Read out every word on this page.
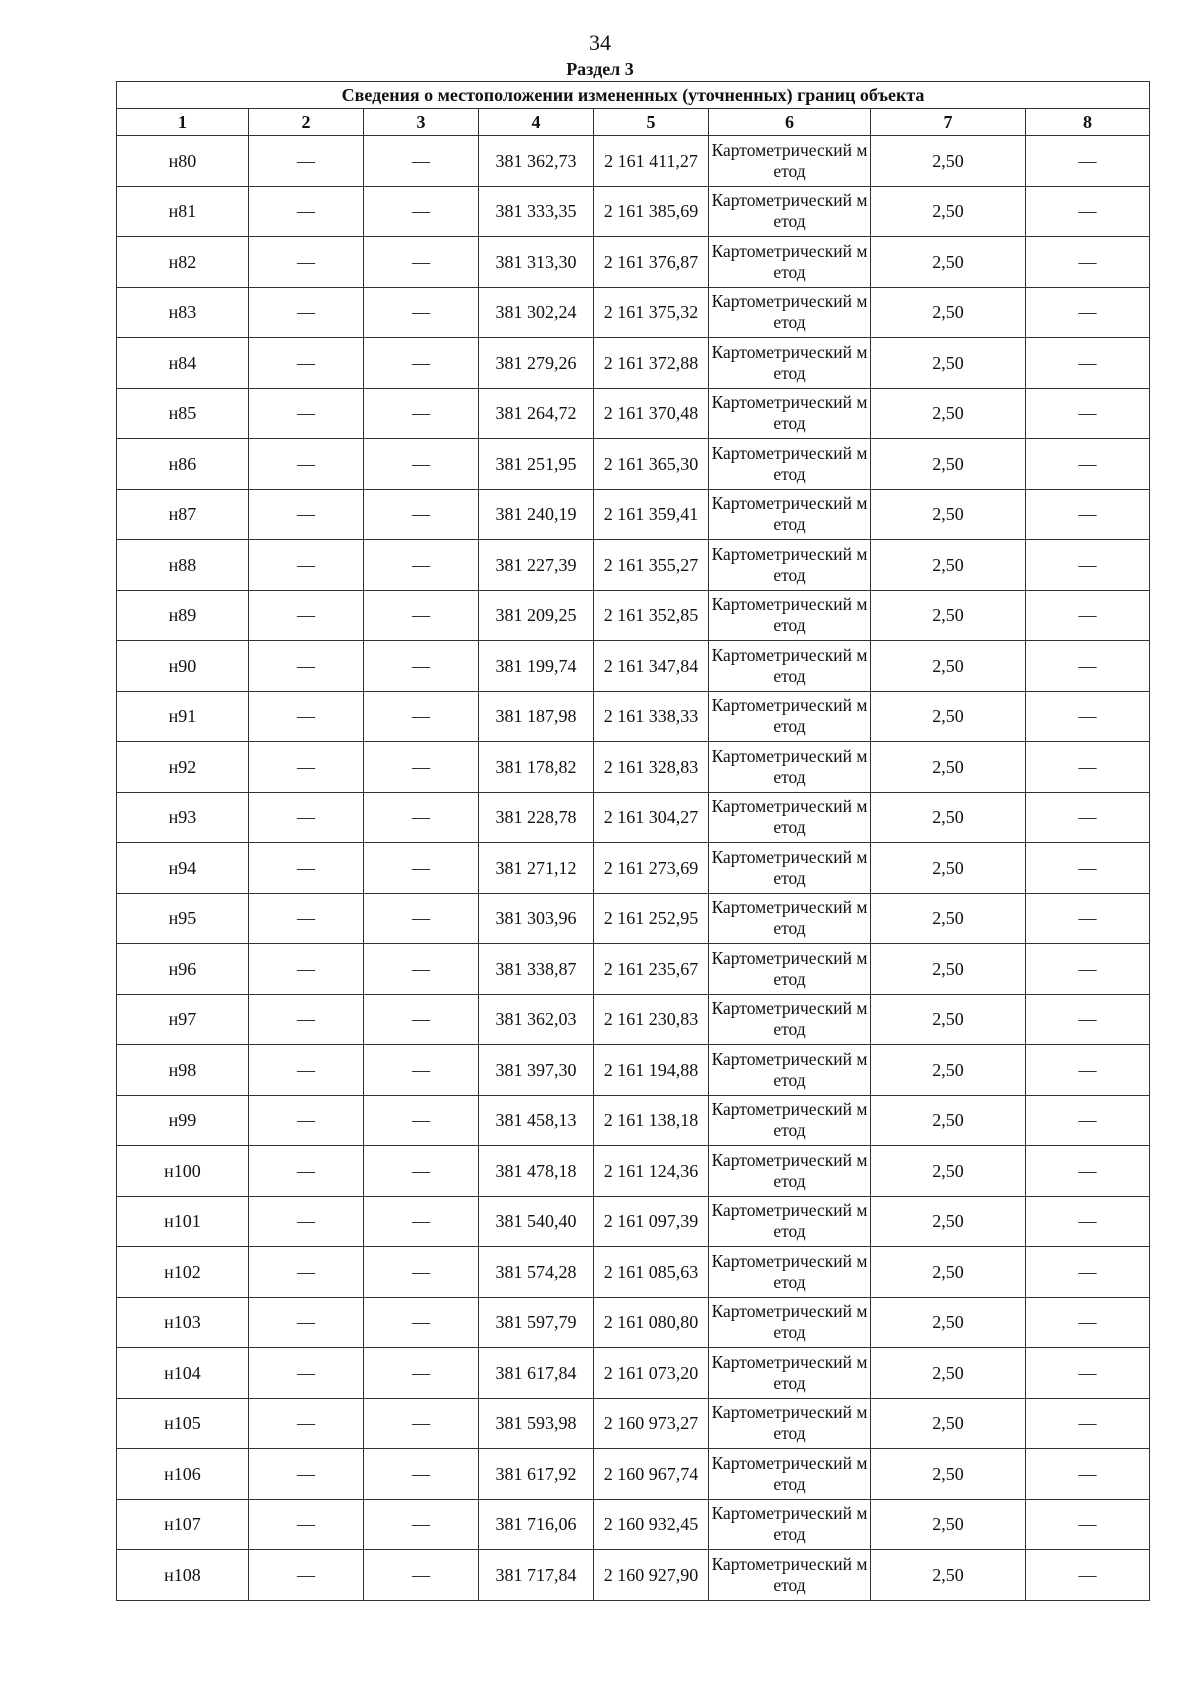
34
Раздел 3
Сведения о местоположении измененных (уточненных) границ объекта							
1	2	3	4	5	6	7	8
н80	—	—	381 362,73	2 161 411,27	Картометрический метод	2,50	—
н81	—	—	381 333,35	2 161 385,69	Картометрический метод	2,50	—
н82	—	—	381 313,30	2 161 376,87	Картометрический метод	2,50	—
н83	—	—	381 302,24	2 161 375,32	Картометрический метод	2,50	—
н84	—	—	381 279,26	2 161 372,88	Картометрический метод	2,50	—
н85	—	—	381 264,72	2 161 370,48	Картометрический метод	2,50	—
н86	—	—	381 251,95	2 161 365,30	Картометрический метод	2,50	—
н87	—	—	381 240,19	2 161 359,41	Картометрический метод	2,50	—
н88	—	—	381 227,39	2 161 355,27	Картометрический метод	2,50	—
н89	—	—	381 209,25	2 161 352,85	Картометрический метод	2,50	—
н90	—	—	381 199,74	2 161 347,84	Картометрический метод	2,50	—
н91	—	—	381 187,98	2 161 338,33	Картометрический метод	2,50	—
н92	—	—	381 178,82	2 161 328,83	Картометрический метод	2,50	—
н93	—	—	381 228,78	2 161 304,27	Картометрический метод	2,50	—
н94	—	—	381 271,12	2 161 273,69	Картометрический метод	2,50	—
н95	—	—	381 303,96	2 161 252,95	Картометрический метод	2,50	—
н96	—	—	381 338,87	2 161 235,67	Картометрический метод	2,50	—
н97	—	—	381 362,03	2 161 230,83	Картометрический метод	2,50	—
н98	—	—	381 397,30	2 161 194,88	Картометрический метод	2,50	—
н99	—	—	381 458,13	2 161 138,18	Картометрический метод	2,50	—
н100	—	—	381 478,18	2 161 124,36	Картометрический метод	2,50	—
н101	—	—	381 540,40	2 161 097,39	Картометрический метод	2,50	—
н102	—	—	381 574,28	2 161 085,63	Картометрический метод	2,50	—
н103	—	—	381 597,79	2 161 080,80	Картометрический метод	2,50	—
н104	—	—	381 617,84	2 161 073,20	Картометрический метод	2,50	—
н105	—	—	381 593,98	2 160 973,27	Картометрический метод	2,50	—
н106	—	—	381 617,92	2 160 967,74	Картометрический метод	2,50	—
н107	—	—	381 716,06	2 160 932,45	Картометрический метод	2,50	—
н108	—	—	381 717,84	2 160 927,90	Картометрический метод	2,50	—
